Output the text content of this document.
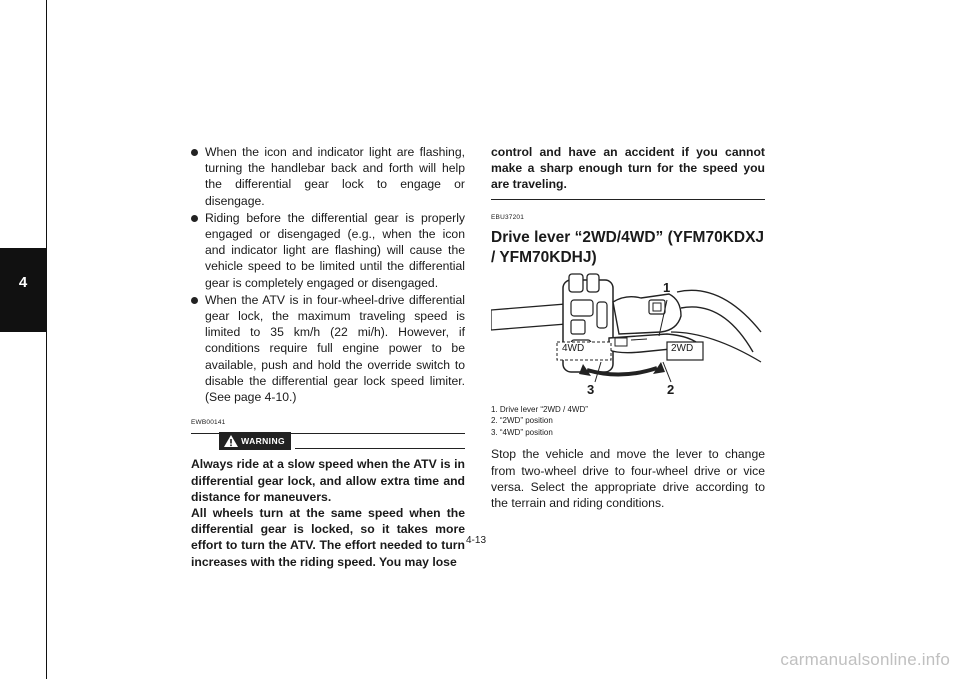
4
When the icon and indicator light are flashing, turning the handlebar back and forth will help the differential gear lock to engage or disengage.
Riding before the differential gear is properly engaged or disengaged (e.g., when the icon and indicator light are flashing) will cause the vehicle speed to be limited until the differential gear is completely engaged or disengaged.
When the ATV is in four-wheel-drive differential gear lock, the maximum traveling speed is limited to 35 km/h (22 mi/h). However, if conditions require full engine power to be available, push and hold the override switch to disable the differential gear lock speed limiter. (See page 4-10.)
EWB00141
WARNING

Always ride at a slow speed when the ATV is in differential gear lock, and allow extra time and distance for maneuvers.

All wheels turn at the same speed when the differential gear is locked, so it takes more effort to turn the ATV. The effort needed to turn increases with the riding speed. You may lose

control and have an accident if you cannot make a sharp enough turn for the speed you are traveling.

EBU37201
Drive lever “2WD/4WD” (YFM70KDXJ / YFM70KDHJ)
4WD	2WD
1
2
3
1. Drive lever “2WD / 4WD”
2. “2WD” position
3. “4WD” position

Stop the vehicle and move the lever to change from two-wheel drive to four-wheel drive or vice versa. Select the appropriate drive according to the terrain and riding conditions.

4-13
carmanualsonline.info
